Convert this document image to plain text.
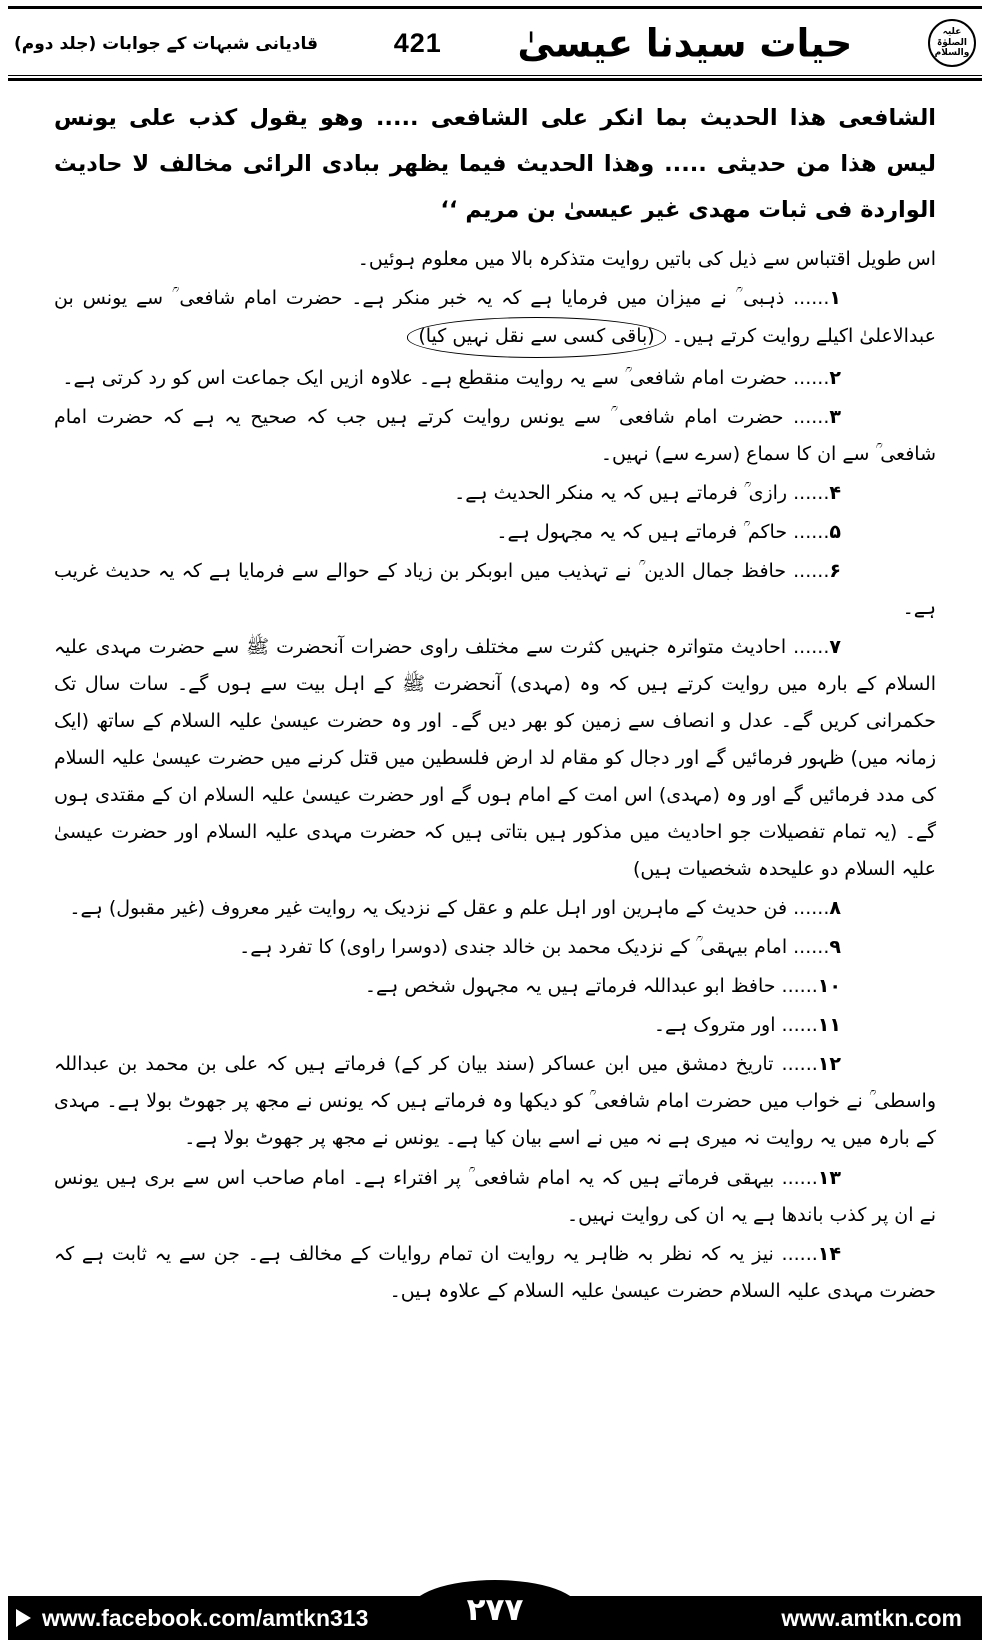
قادیانی شبہات کے جوابات (جلد دوم)	421 حیات سیدنا عیسیٰ	علیہ الصلوٰۃ والسلام

الشافعى هذا الحديث بما انكر على الشافعى ..... وهو يقول كذب على يونس ليس هذا من حديثى ..... وهذا الحديث فيما يظهر ببادى الرائى مخالف لا حاديث الواردة فى ثبات مهدى غير عيسىٰ بن مريم ‘‘

اس طویل اقتباس سے ذیل کی باتیں روایت متذکرہ بالا میں معلوم ہوئیں۔

۱...... ذہبی ؒ نے میزان میں فرمایا ہے کہ یہ خبر منکر ہے۔ حضرت امام شافعی ؒ سے یونس بن عبدالاعلیٰ اکیلے روایت کرتے ہیں۔ (باقی کسی سے نقل نہیں کیا)

۲...... حضرت امام شافعی ؒ سے یہ روایت منقطع ہے۔ علاوہ ازیں ایک جماعت اس کو رد کرتی ہے۔

۳...... حضرت امام شافعی ؒ سے یونس روایت کرتے ہیں جب کہ صحیح یہ ہے کہ حضرت امام شافعی ؒ سے ان کا سماع (سرے سے) نہیں۔

۴...... رازی ؒ فرماتے ہیں کہ یہ منکر الحدیث ہے۔

۵...... حاکم ؒ فرماتے ہیں کہ یہ مجہول ہے۔

۶...... حافظ جمال الدین ؒ نے تہذیب میں ابوبکر بن زیاد کے حوالے سے فرمایا ہے کہ یہ حدیث غریب ہے۔

۷...... احادیث متواترہ جنہیں کثرت سے مختلف راوی حضرات آنحضرت ﷺ سے حضرت مہدی علیہ السلام کے بارہ میں روایت کرتے ہیں کہ وہ (مہدی) آنحضرت ﷺ کے اہل بیت سے ہوں گے۔ سات سال تک حکمرانی کریں گے۔ عدل و انصاف سے زمین کو بھر دیں گے۔ اور وہ حضرت عیسیٰ علیہ السلام کے ساتھ (ایک زمانہ میں) ظہور فرمائیں گے اور دجال کو مقام لد ارض فلسطین میں قتل کرنے میں حضرت عیسیٰ علیہ السلام کی مدد فرمائیں گے اور وہ (مہدی) اس امت کے امام ہوں گے اور حضرت عیسیٰ علیہ السلام ان کے مقتدی ہوں گے۔ (یہ تمام تفصیلات جو احادیث میں مذکور ہیں بتاتی ہیں کہ حضرت مہدی علیہ السلام اور حضرت عیسیٰ علیہ السلام دو علیحدہ شخصیات ہیں)

۸...... فن حدیث کے ماہرین اور اہل علم و عقل کے نزدیک یہ روایت غیر معروف (غیر مقبول) ہے۔

۹...... امام بیہقی ؒ کے نزدیک محمد بن خالد جندی (دوسرا راوی) کا تفرد ہے۔

۱۰...... حافظ ابو عبداللہ فرماتے ہیں یہ مجہول شخص ہے۔

۱۱...... اور متروک ہے۔

۱۲...... تاریخ دمشق میں ابن عساکر (سند بیان کر کے) فرماتے ہیں کہ علی بن محمد بن عبداللہ واسطی ؒ نے خواب میں حضرت امام شافعی ؒ کو دیکھا وہ فرماتے ہیں کہ یونس نے مجھ پر جھوٹ بولا ہے۔ مہدی کے بارہ میں یہ روایت نہ میری ہے نہ میں نے اسے بیان کیا ہے۔ یونس نے مجھ پر جھوٹ بولا ہے۔

۱۳...... بیہقی فرماتے ہیں کہ یہ امام شافعی ؒ پر افتراء ہے۔ امام صاحب اس سے بری ہیں یونس نے ان پر کذب باندھا ہے یہ ان کی روایت نہیں۔

۱۴...... نیز یہ کہ نظر بہ ظاہر یہ روایت ان تمام روایات کے مخالف ہے۔ جن سے یہ ثابت ہے کہ حضرت مہدی علیہ السلام حضرت عیسیٰ علیہ السلام کے علاوہ ہیں۔

www.amtkn.com
www.facebook.com/amtkn313	۲۷۷
